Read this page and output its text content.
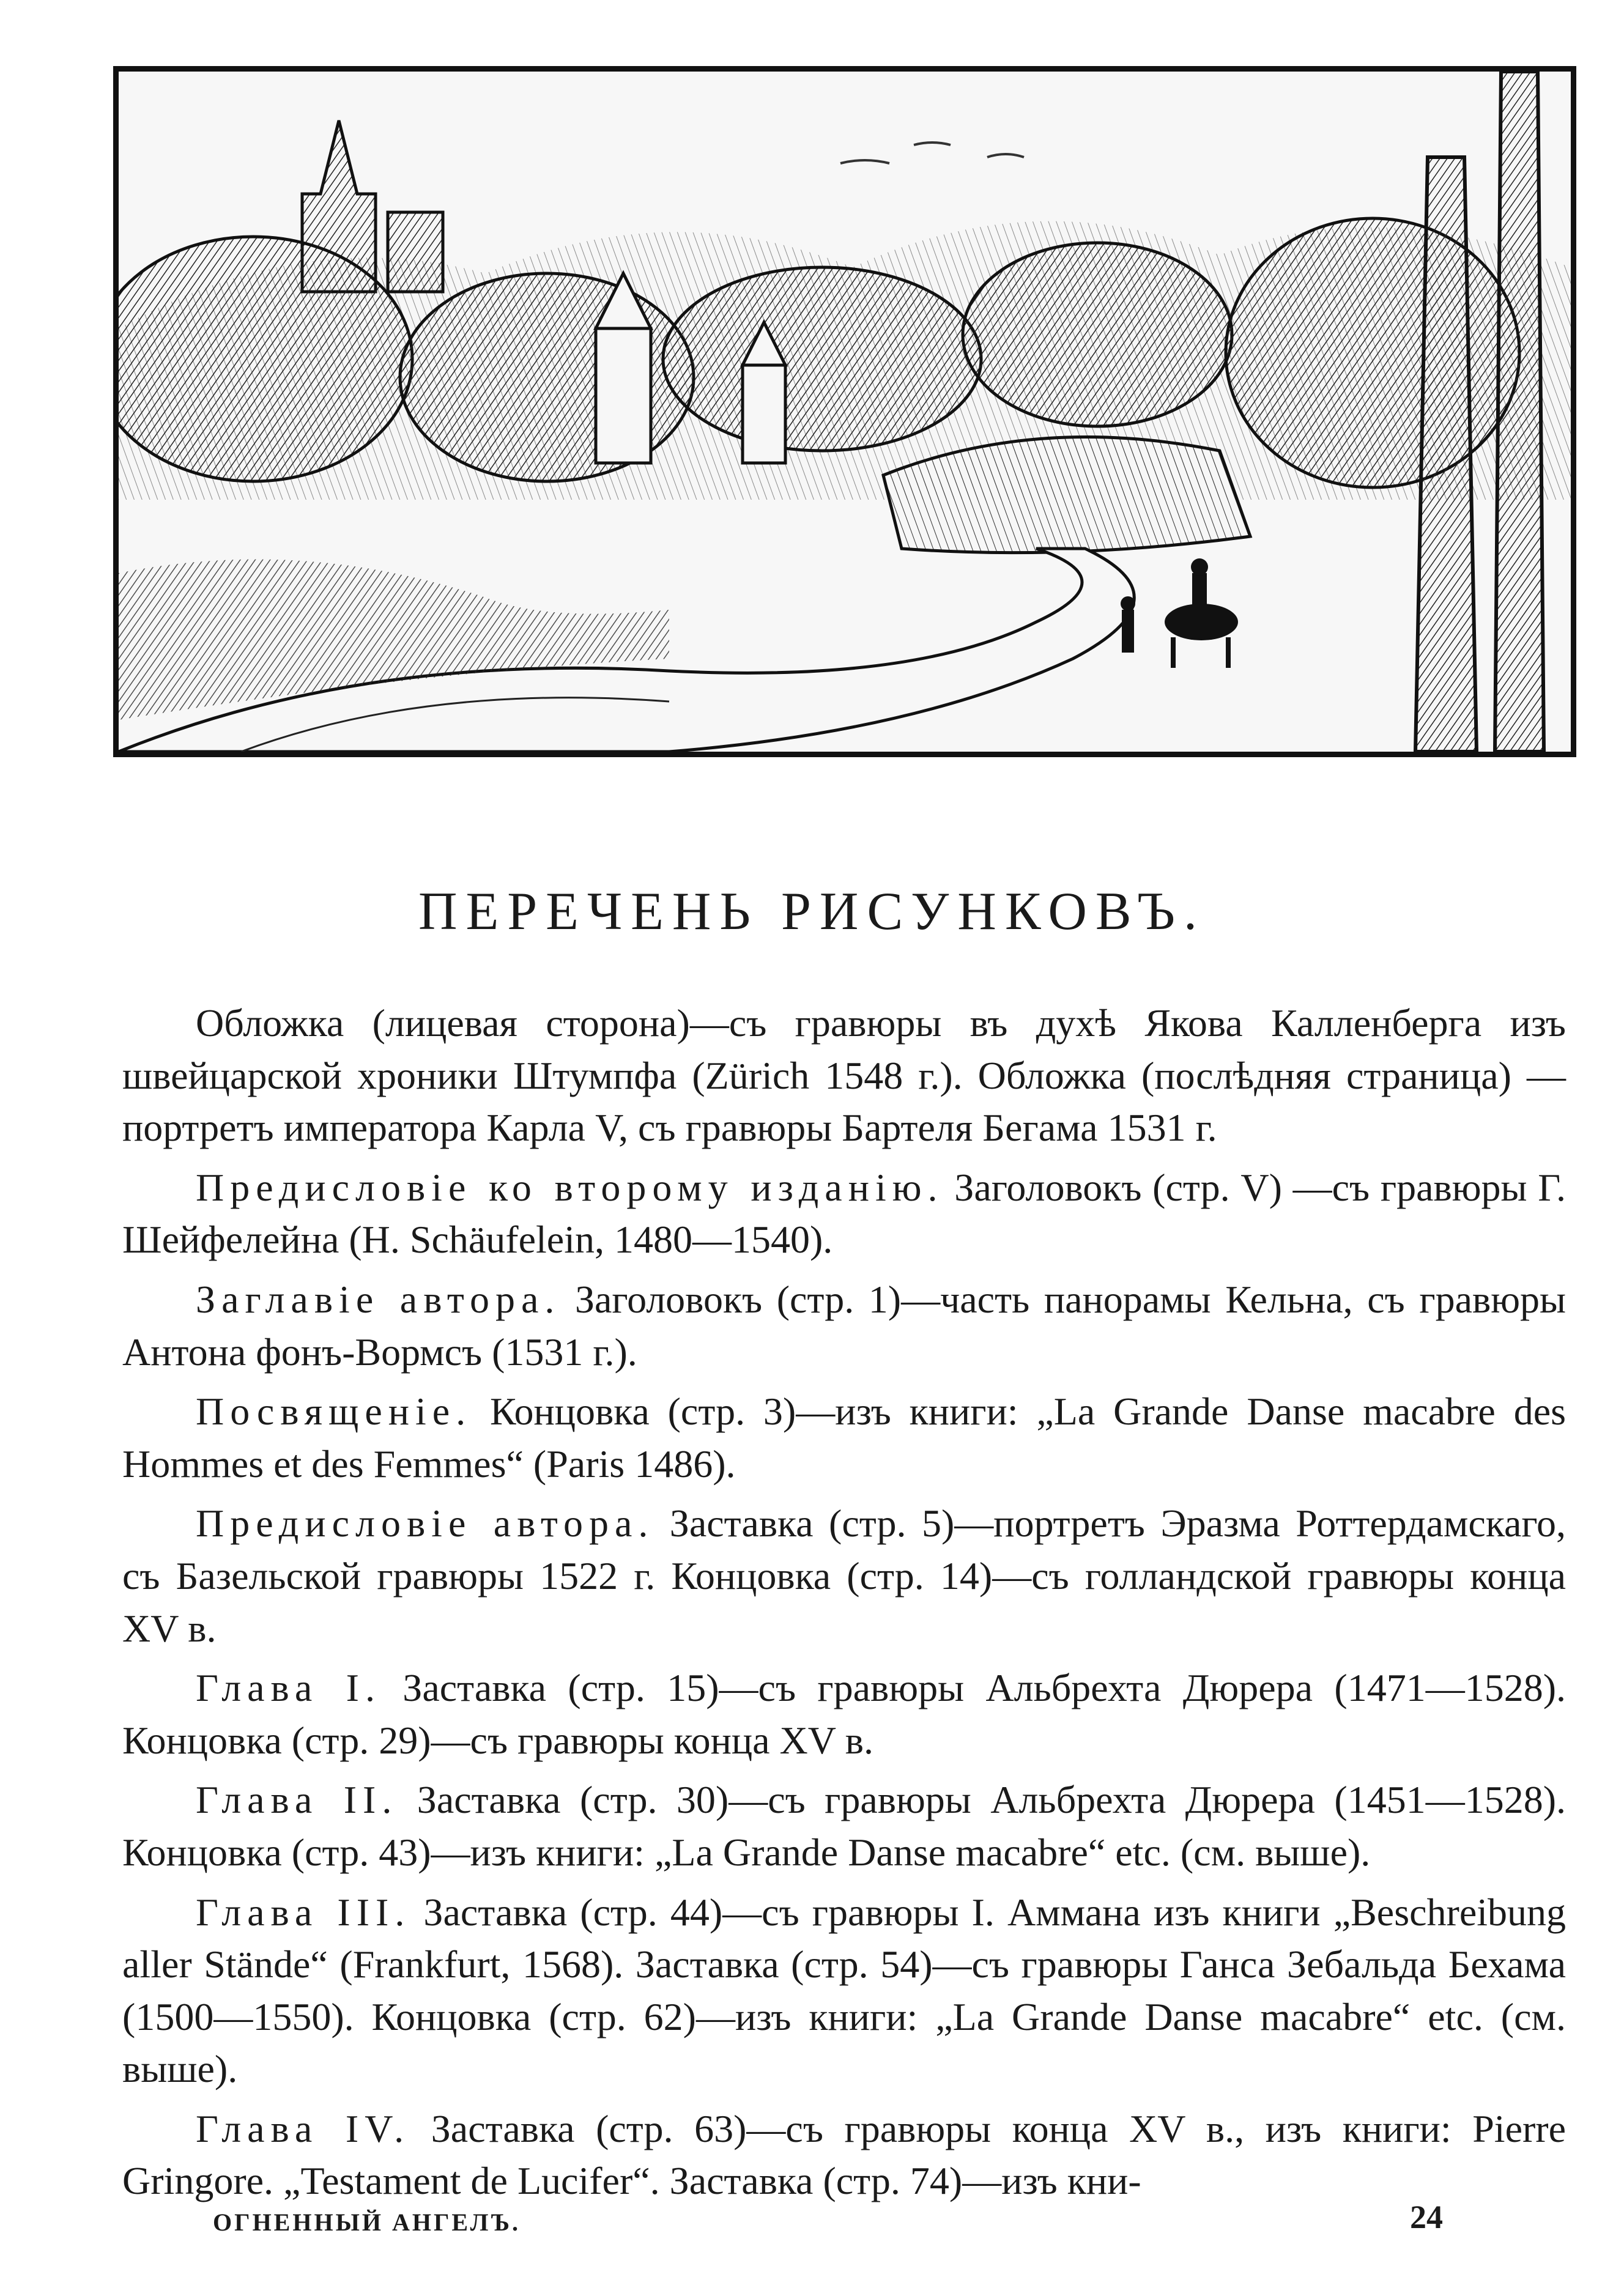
ПЕРЕЧЕНЬ РИСУНКОВЪ.

Обложка (лицевая сторона)—съ гравюры въ духѣ Якова Калленберга изъ швейцарской хроники Штумпфа (Zürich 1548 г.). Обложка (послѣдняя страница) — портретъ императора Карла V, съ гравюры Бартеля Бегама 1531 г.

Предисловіе ко второму изданію. Заголовокъ (стр. V) —съ гравюры Г. Шейфелейна (H. Schäufelein, 1480—1540).

Заглавіе автора. Заголовокъ (стр. 1)—часть панорамы Кельна, съ гравюры Антона фонъ-Вормсъ (1531 г.).

Посвященіе. Концовка (стр. 3)—изъ книги: „La Grande Danse macabre des Hommes et des Femmes“ (Paris 1486).

Предисловіе автора. Заставка (стр. 5)—портретъ Эразма Роттердамскаго, съ Базельской гравюры 1522 г. Концовка (стр. 14)—съ голландской гравюры конца XV в.

Глава I. Заставка (стр. 15)—съ гравюры Альбрехта Дюрера (1471—1528). Концовка (стр. 29)—съ гравюры конца XV в.

Глава II. Заставка (стр. 30)—съ гравюры Альбрехта Дюрера (1451—1528). Концовка (стр. 43)—изъ книги: „La Grande Danse macabre“ etc. (см. выше).

Глава III. Заставка (стр. 44)—съ гравюры I. Аммана изъ книги „Beschreibung aller Stände“ (Frankfurt, 1568). Заставка (стр. 54)—съ гравюры Ганса Зебальда Бехама (1500—1550). Концовка (стр. 62)—изъ книги: „La Grande Danse macabre“ etc. (см. выше).

Глава IV. Заставка (стр. 63)—съ гравюры конца XV в., изъ книги: Pierre Gringore. „Testament de Lucifer“. Заставка (стр. 74)—изъ кни-

ОГНЕННЫЙ АНГЕЛЪ.	24
